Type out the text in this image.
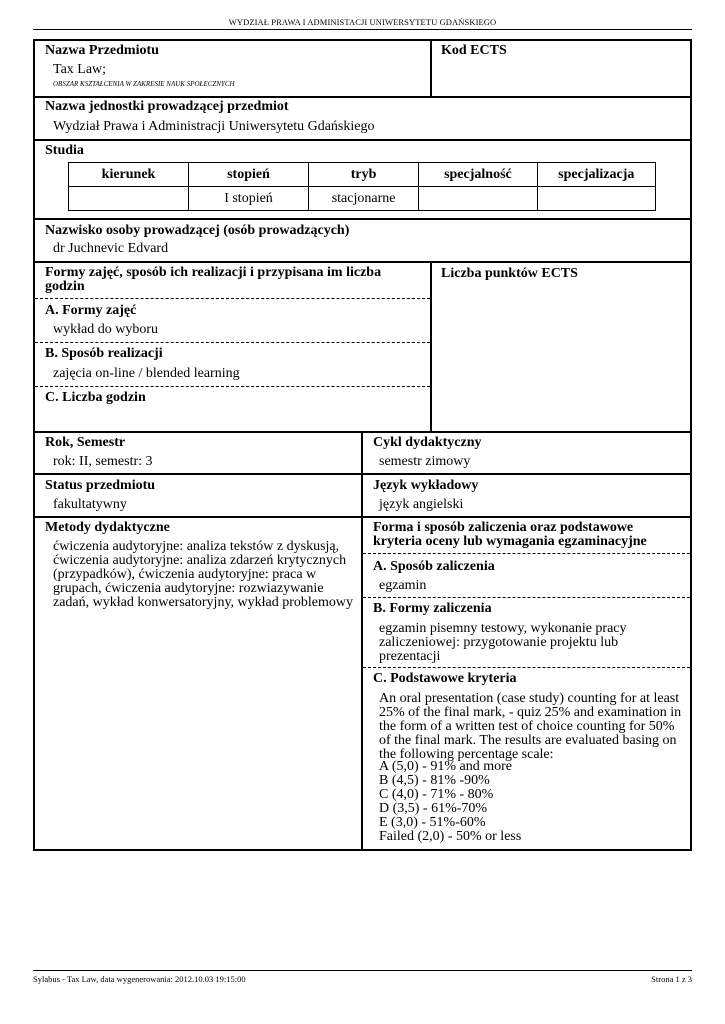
WYDZIAŁ PRAWA I ADMINISTACJI UNIWERSYTETU GDAŃSKIEGO
Nazwa Przedmiotu
Tax Law;
OBSZAR KSZTAŁCENIA W ZAKRESIE NAUK SPOŁECZNYCH
Kod ECTS
Nazwa jednostki prowadzącej przedmiot
Wydział Prawa i Administracji Uniwersytetu Gdańskiego
Studia
kierunek	stopień	tryb	specjalność	specjalizacja
	I stopień	stacjonarne		
Nazwisko osoby prowadzącej (osób prowadzących)
dr Juchnevic Edvard
Formy zajęć, sposób ich realizacji i przypisana im liczba godzin
Liczba punktów ECTS
A. Formy zajęć
wykład do wyboru
B. Sposób realizacji
zajęcia on-line / blended learning
C. Liczba godzin
Rok, Semestr
rok: II, semestr: 3
Cykl dydaktyczny
semestr zimowy
Status przedmiotu
fakultatywny
Język wykładowy
język angielski
Metody dydaktyczne
ćwiczenia audytoryjne: analiza tekstów z dyskusją, ćwiczenia audytoryjne: analiza zdarzeń krytycznych (przypadków), ćwiczenia audytoryjne: praca w grupach, ćwiczenia audytoryjne: rozwiazywanie zadań, wykład konwersatoryjny, wykład problemowy
Forma i sposób zaliczenia oraz podstawowe kryteria oceny lub wymagania egzaminacyjne
A. Sposób zaliczenia
egzamin
B. Formy zaliczenia
egzamin pisemny testowy, wykonanie pracy zaliczeniowej: przygotowanie projektu lub prezentacji
C. Podstawowe kryteria
An oral presentation (case study) counting for at least 25% of the final mark, - quiz 25% and examination in the form of a written test of choice counting for 50% of the final mark. The results are evaluated basing on the following percentage scale:
A (5,0) - 91% and more
B (4,5) - 81% -90%
C (4,0) - 71% - 80%
D (3,5) - 61%-70%
E (3,0) - 51%-60%
Failed (2,0) - 50% or less
Sylabus - Tax Law, data wygenerowania: 2012.10.03 19:15:00	Strona 1 z 3
